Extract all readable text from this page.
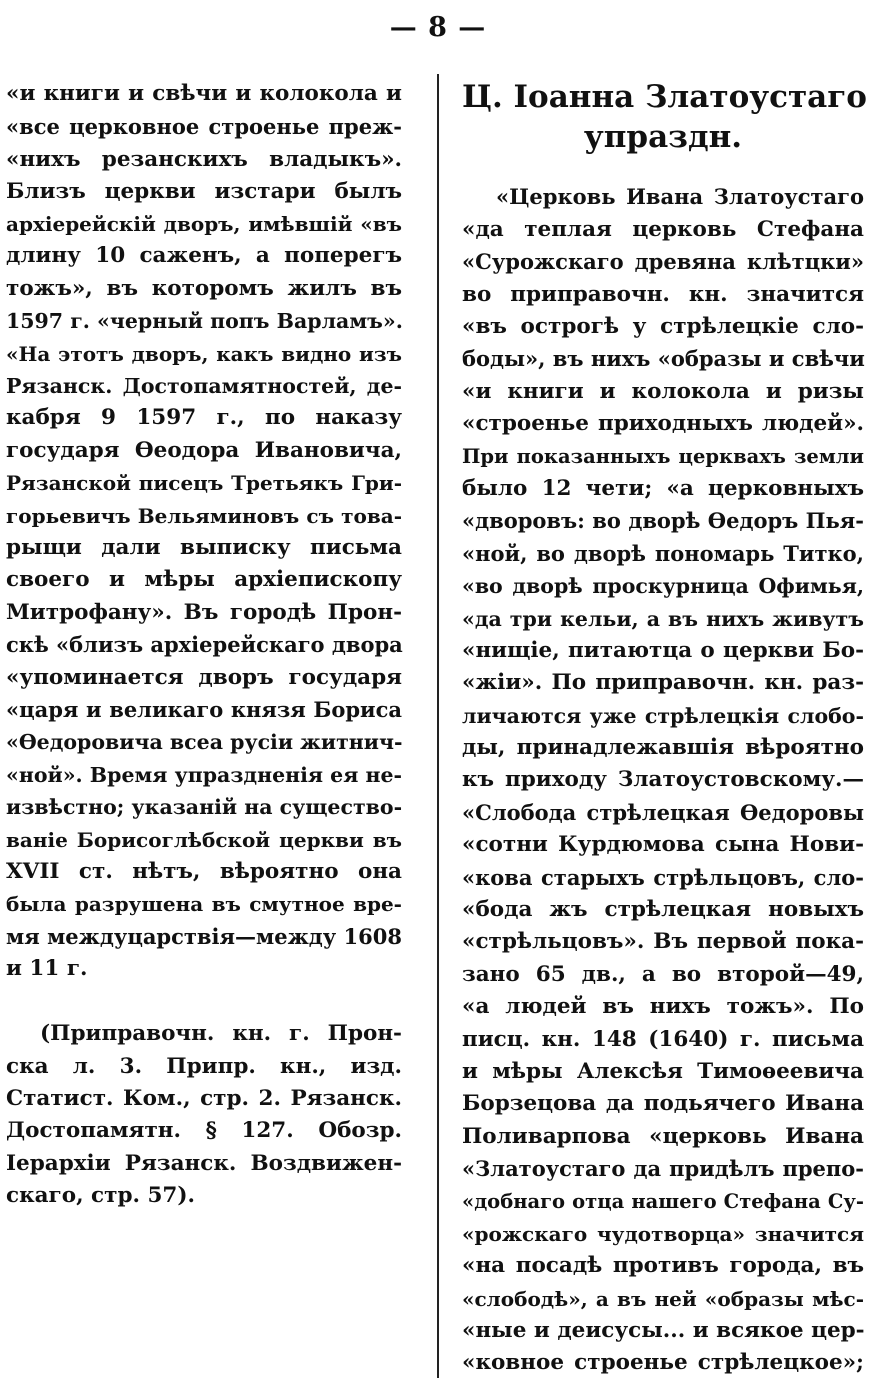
— 8 —
«и книги и свѣчи и колокола и
«все церковное строенье преж-
«нихъ резанскихъ владыкъ».
Близъ церкви изстари былъ
архіерейскій дворъ, имѣвшій «въ
длину 10 саженъ, а поперегъ
тожъ», въ которомъ жилъ въ
1597 г. «черный попъ Варламъ».
«На этотъ дворъ, какъ видно изъ
Рязанск. Достопамятностей, де-
кабря 9 1597 г., по наказу
государя Ѳеодора Ивановича,
Рязанской писецъ Третьякъ Гри-
горьевичъ Вельяминовъ съ това-
рыщи дали выписку письма
своего и мѣры архіепископу
Митрофану». Въ городѣ Прон-
скѣ «близъ архіерейскаго двора
«упоминается дворъ государя
«царя и великаго князя Бориса
«Ѳедоровича всеа русіи житнич-
«ной». Время упраздненія ея не-
извѣстно; указаній на существо-
ваніе Борисоглѣбской церкви въ
XVII ст. нѣтъ, вѣроятно она
была разрушена въ смутное вре-
мя междуцарствія—между 1608
и 11 г.
(Приправочн. кн. г. Прон-
ска л. 3. Припр. кн., изд.
Статист. Ком., стр. 2. Рязанск.
Достопамятн. § 127. Обозр.
Іерархіи Рязанск. Воздвижен-
скаго, стр. 57).
Ц. Іоанна Златоустаго
упраздн.
«Церковь Ивана Златоустаго
«да теплая церковь Стефана
«Сурожскаго древяна клѣтцки»
во приправочн. кн. значится
«въ острогѣ у стрѣлецкіе сло-
боды», въ нихъ «образы и свѣчи
«и книги и колокола и ризы
«строенье приходныхъ людей».
При показанныхъ церквахъ земли
было 12 чети; «а церковныхъ
«дворовъ: во дворѣ Ѳедоръ Пья-
«ной, во дворѣ пономарь Титко,
«во дворѣ проскурница Офимья,
«да три кельи, а въ нихъ живутъ
«нищіе, питаютца о церкви Бо-
«жіи». По приправочн. кн. раз-
личаются уже стрѣлецкія слобо-
ды, принадлежавшія вѣроятно
къ приходу Златоустовскому.—
«Слобода стрѣлецкая Ѳедоровы
«сотни Курдюмова сына Нови-
«кова старыхъ стрѣльцовъ, сло-
«бода жъ стрѣлецкая новыхъ
«стрѣльцовъ». Въ первой пока-
зано 65 дв., а во второй—49,
«а людей въ нихъ тожъ». По
писц. кн. 148 (1640) г. письма
и мѣры Алексѣя Тимоѳеевича
Борзецова да подьячего Ивана
Поливарпова «церковь Ивана
«Златоустаго да придѣлъ препо-
«добнаго отца нашего Стефана Су-
«рожскаго чудотворца» значится
«на посадѣ противъ города, въ
«слободѣ», а въ ней «образы мѣс-
«ные и деисусы... и всякое цер-
«ковное строенье стрѣлецкое»;
